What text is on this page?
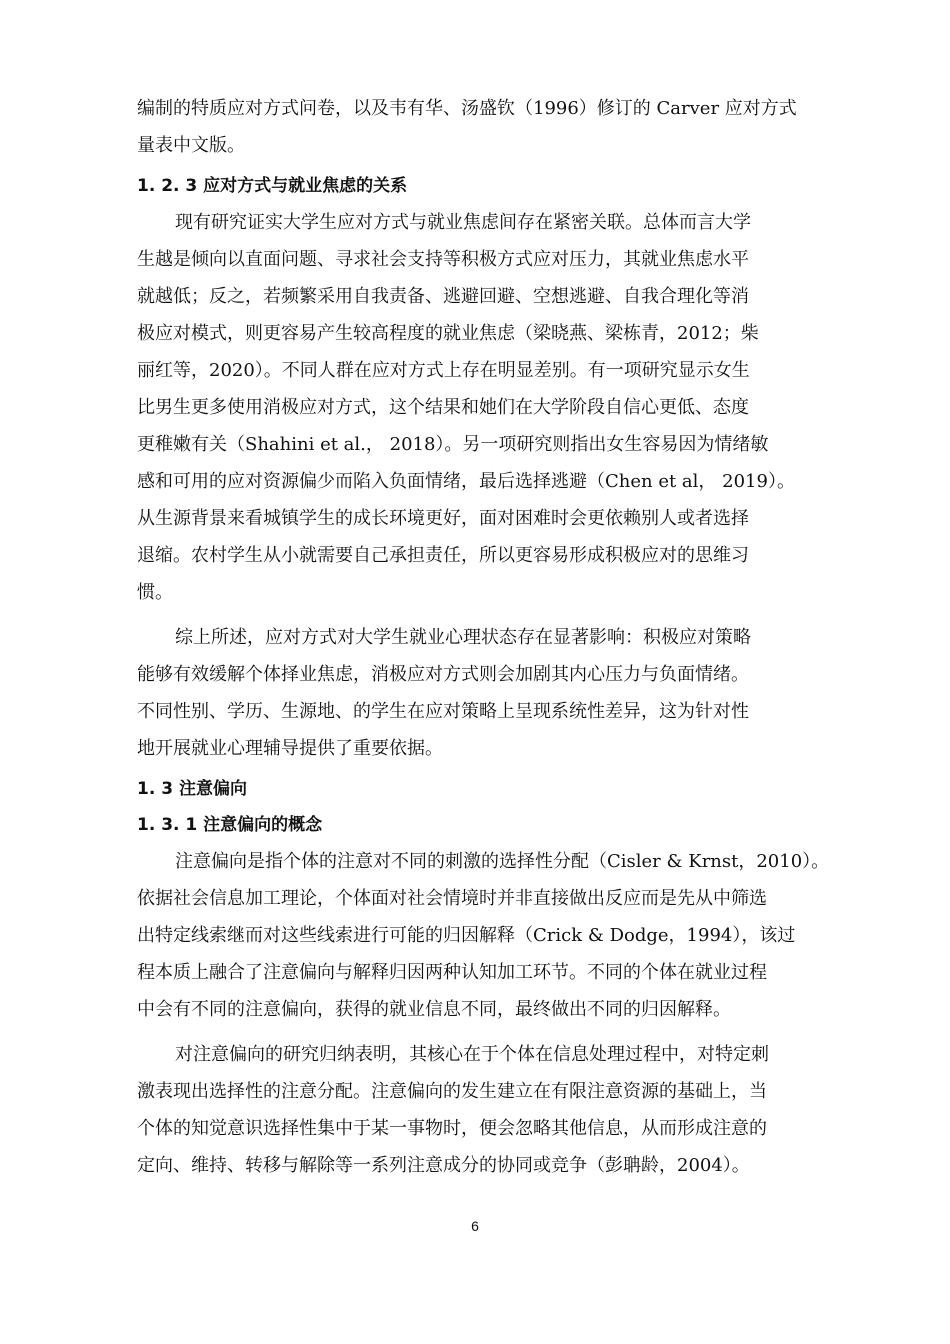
编制的特质应对方式问卷，以及韦有华、汤盛钦（1996）修订的 Carver 应对方式
量表中文版。
1. 2. 3 应对方式与就业焦虑的关系
现有研究证实大学生应对方式与就业焦虑间存在紧密关联。总体而言大学
生越是倾向以直面问题、寻求社会支持等积极方式应对压力，其就业焦虑水平
就越低；反之，若频繁采用自我责备、逃避回避、空想逃避、自我合理化等消
极应对模式，则更容易产生较高程度的就业焦虑（梁晓燕、梁栋青，2012；柴
丽红等，2020）。不同人群在应对方式上存在明显差别。有一项研究显示女生
比男生更多使用消极应对方式，这个结果和她们在大学阶段自信心更低、态度
更稚嫩有关（Shahini et al.， 2018）。另一项研究则指出女生容易因为情绪敏
感和可用的应对资源偏少而陷入负面情绪，最后选择逃避（Chen et al， 2019）。
从生源背景来看城镇学生的成长环境更好，面对困难时会更依赖别人或者选择
退缩。农村学生从小就需要自己承担责任，所以更容易形成积极应对的思维习
惯。
综上所述，应对方式对大学生就业心理状态存在显著影响：积极应对策略
能够有效缓解个体择业焦虑，消极应对方式则会加剧其内心压力与负面情绪。
不同性别、学历、生源地、的学生在应对策略上呈现系统性差异，这为针对性
地开展就业心理辅导提供了重要依据。
1. 3 注意偏向
1. 3. 1 注意偏向的概念
注意偏向是指个体的注意对不同的刺激的选择性分配（Cisler & Krnst，2010）。
依据社会信息加工理论，个体面对社会情境时并非直接做出反应而是先从中筛选
出特定线索继而对这些线索进行可能的归因解释（Crick & Dodge，1994），该过
程本质上融合了注意偏向与解释归因两种认知加工环节。不同的个体在就业过程
中会有不同的注意偏向，获得的就业信息不同，最终做出不同的归因解释。
对注意偏向的研究归纳表明，其核心在于个体在信息处理过程中，对特定刺
激表现出选择性的注意分配。注意偏向的发生建立在有限注意资源的基础上，当
个体的知觉意识选择性集中于某一事物时，便会忽略其他信息，从而形成注意的
定向、维持、转移与解除等一系列注意成分的协同或竞争（彭聃龄，2004）。
6
